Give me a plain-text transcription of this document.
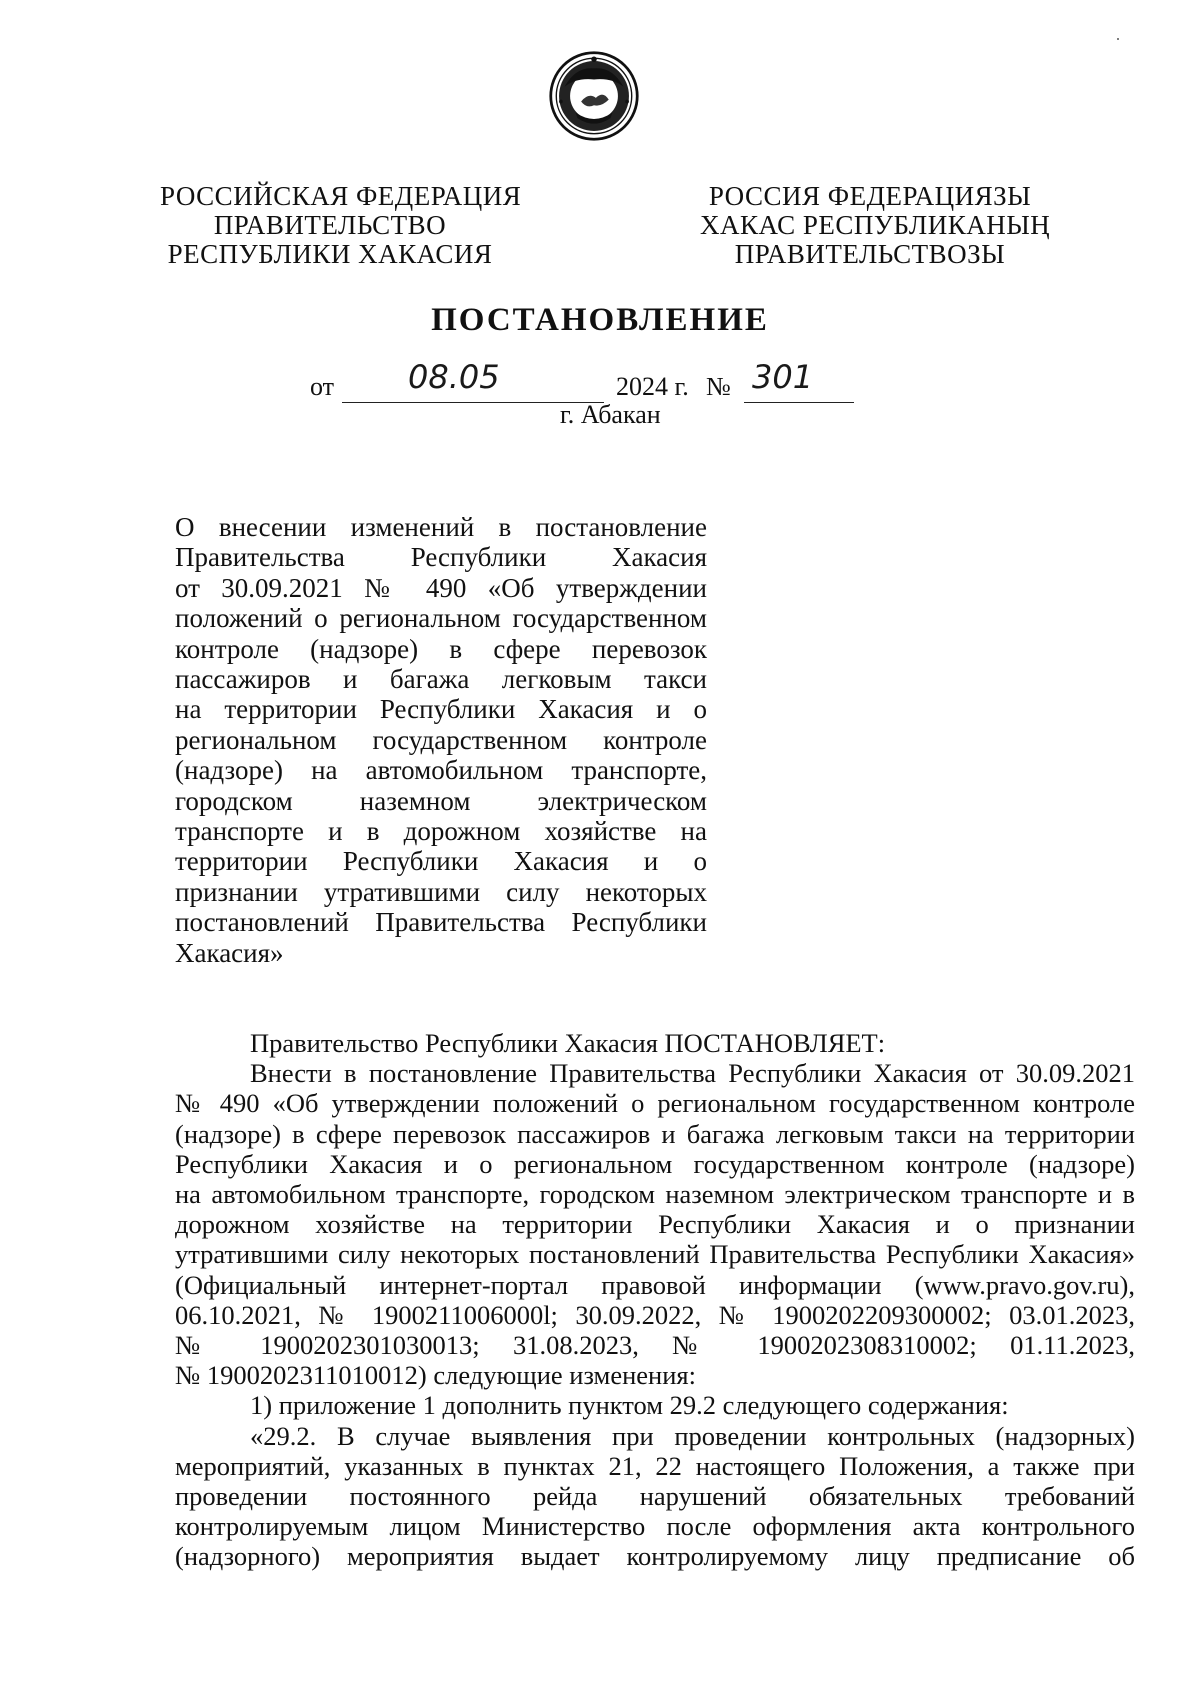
РОССИЙСКАЯ ФЕДЕРАЦИЯ
ПРАВИТЕЛЬСТВО
РЕСПУБЛИКИ ХАКАСИЯ
РОССИЯ ФЕДЕРАЦИЯЗЫ
ХАКАС РЕСПУБЛИКАНЫҢ
ПРАВИТЕЛЬСТВОЗЫ
ПОСТАНОВЛЕНИЕ
от 08.05	2024 г. № 301
г. Абакан
О внесении изменений в постановление
Правительства Республики Хакасия
от 30.09.2021 № 490 «Об утверждении
положений о региональном государственном
контроле (надзоре) в сфере перевозок
пассажиров и багажа легковым такси
на территории Республики Хакасия и о
региональном государственном контроле
(надзоре) на автомобильном транспорте,
городском наземном электрическом
транспорте и в дорожном хозяйстве на
территории Республики Хакасия и о
признании утратившими силу некоторых
постановлений Правительства Республики
Хакасия»
Правительство Республики Хакасия ПОСТАНОВЛЯЕТ:
Внести в постановление Правительства Республики Хакасия от 30.09.2021
№ 490 «Об утверждении положений о региональном государственном контроле
(надзоре) в сфере перевозок пассажиров и багажа легковым такси на территории
Республики Хакасия и о региональном государственном контроле (надзоре)
на автомобильном транспорте, городском наземном электрическом транспорте и в
дорожном хозяйстве на территории Республики Хакасия и о признании
утратившими силу некоторых постановлений Правительства Республики Хакасия»
(Официальный интернет-портал правовой информации (www.pravo.gov.ru),
06.10.2021, № 1900211006000l; 30.09.2022, № 1900202209300002; 03.01.2023,
№ 1900202301030013; 31.08.2023, № 1900202308310002; 01.11.2023,
№ 1900202311010012) следующие изменения:
1) приложение 1 дополнить пунктом 29.2 следующего содержания:
«29.2. В случае выявления при проведении контрольных (надзорных)
мероприятий, указанных в пунктах 21, 22 настоящего Положения, а также при
проведении постоянного рейда нарушений обязательных требований
контролируемым лицом Министерство после оформления акта контрольного
(надзорного) мероприятия выдает контролируемому лицу предписание об
